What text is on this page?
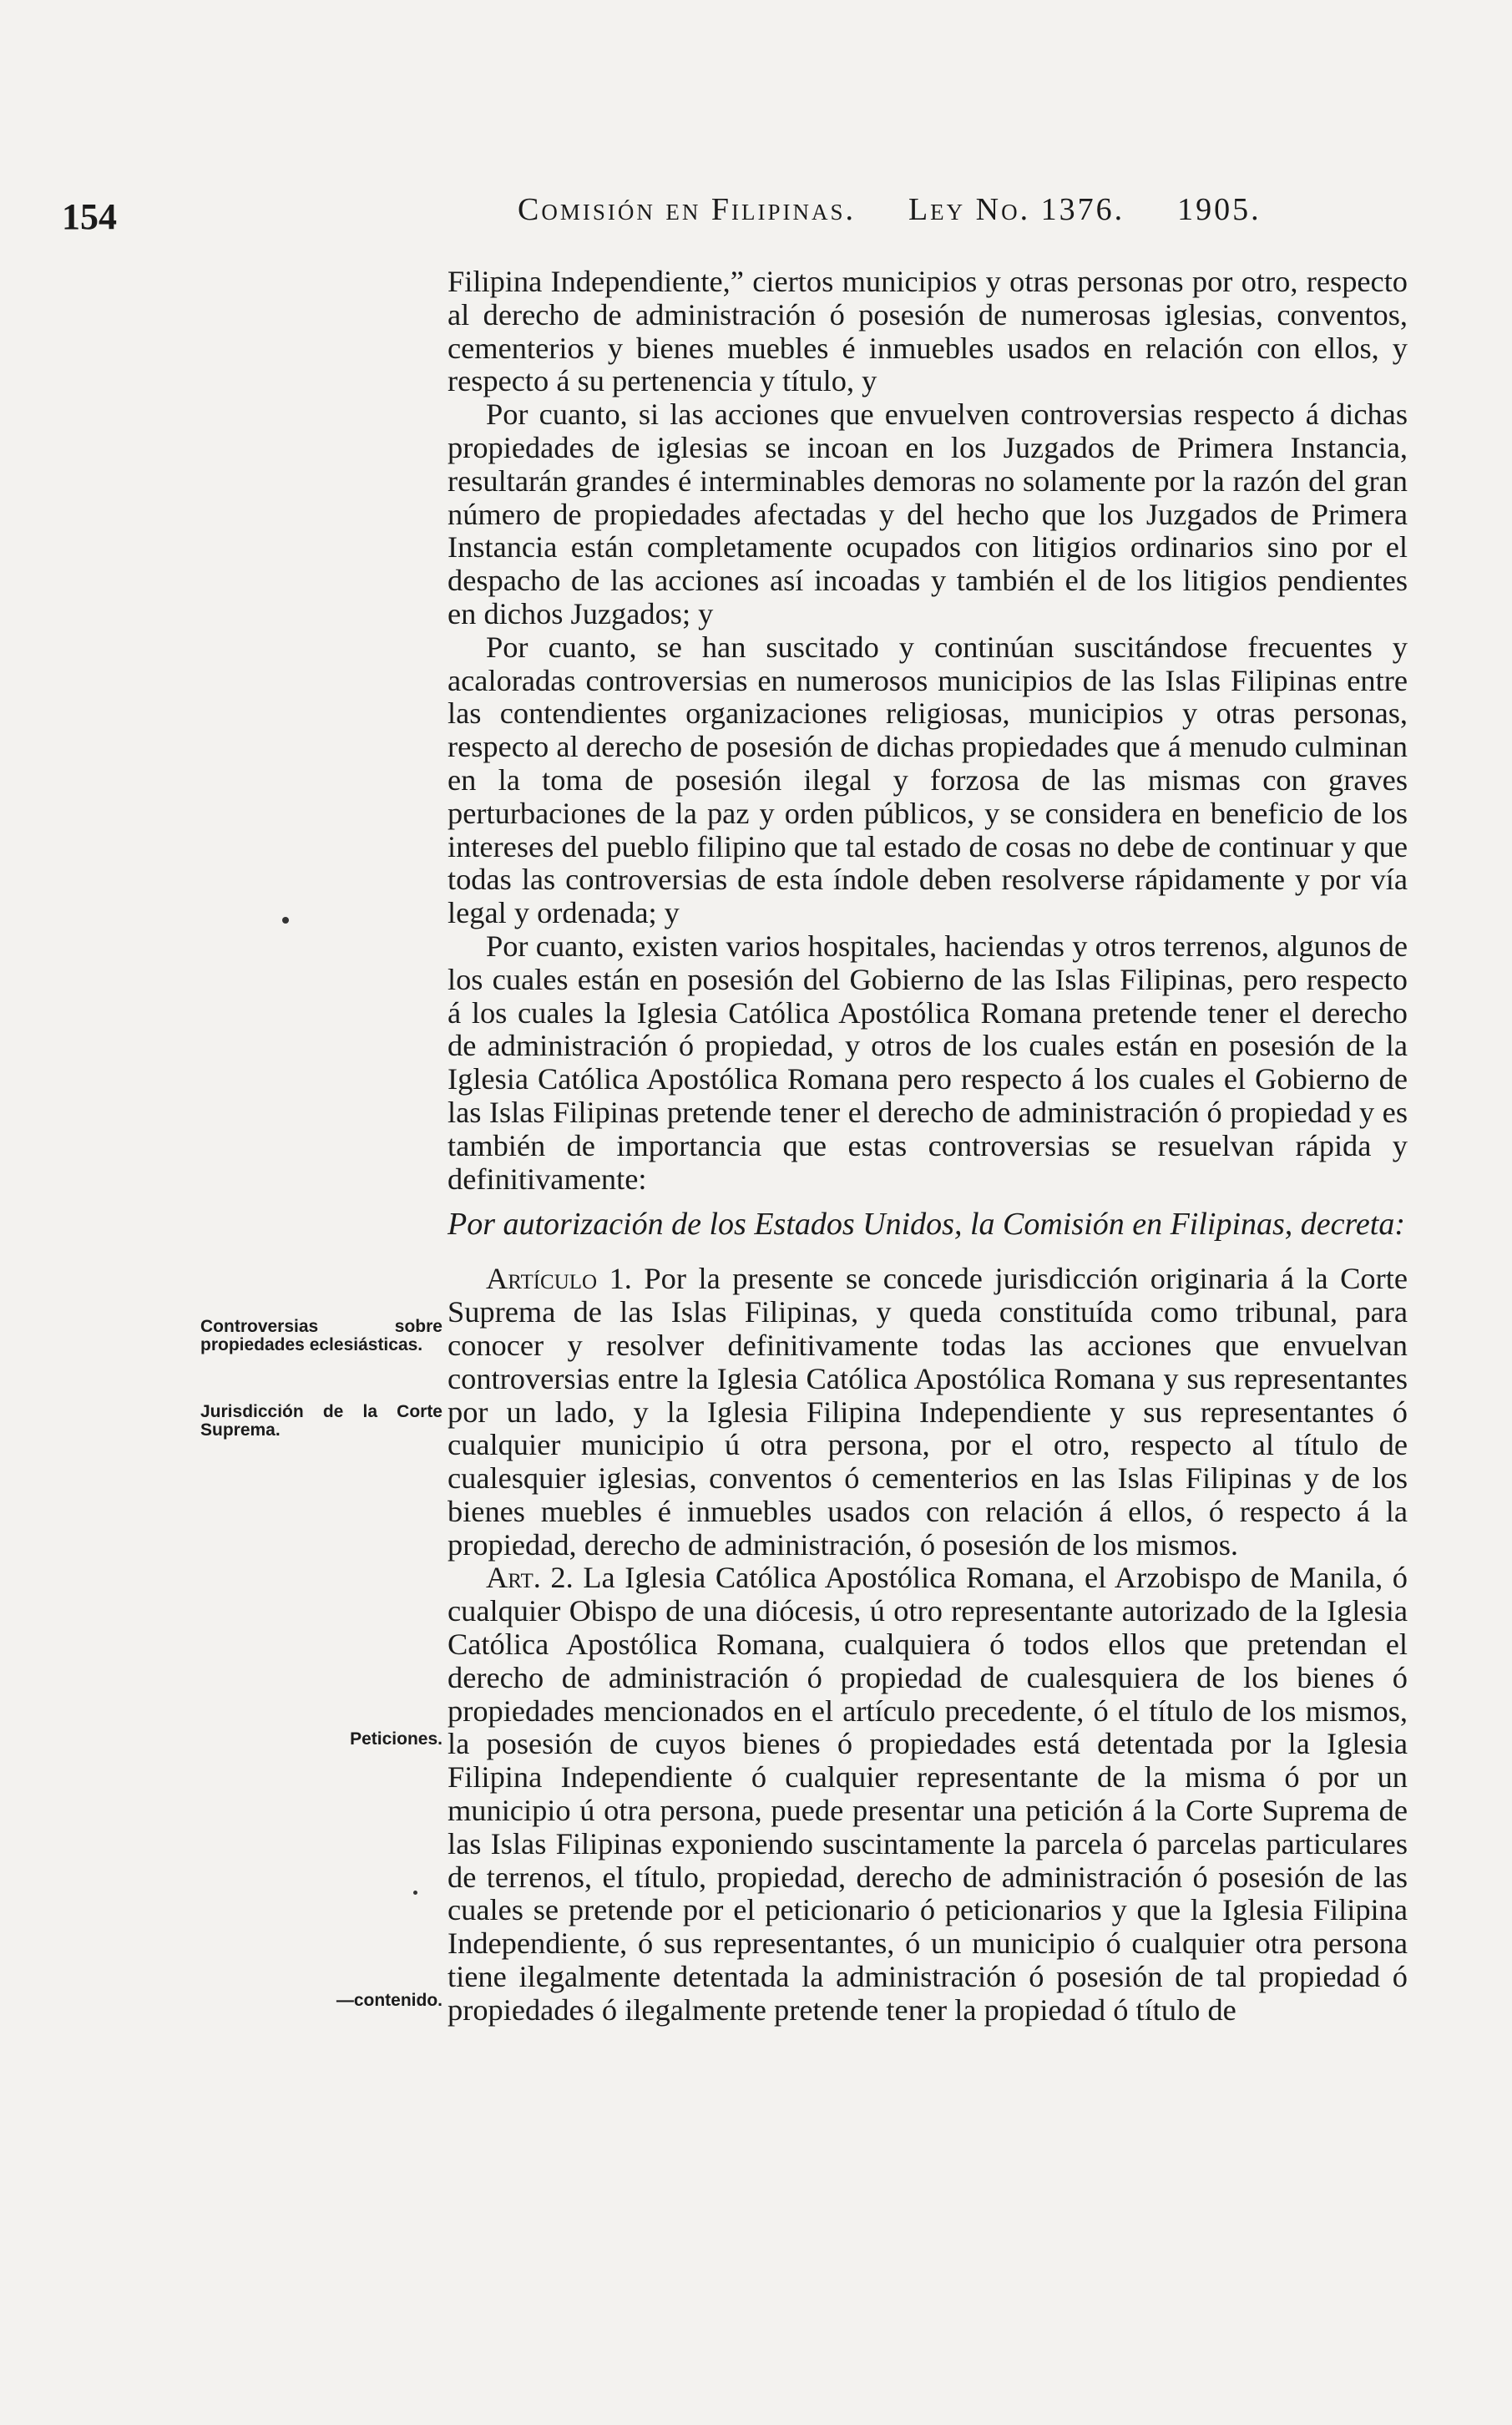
154	Comisión en Filipinas. Ley No. 1376. 1905.
Controversias sobre propiedades eclesiásticas.
Jurisdicción de la Corte Suprema.
Peticiones.
—contenido.

Filipina Independiente,” ciertos municipios y otras personas por otro, respecto al derecho de administración ó posesión de numerosas iglesias, conventos, cementerios y bienes muebles é inmuebles usados en relación con ellos, y respecto á su pertenencia y título, y

Por cuanto, si las acciones que envuelven controversias respecto á dichas propiedades de iglesias se incoan en los Juzgados de Primera Instancia, resultarán grandes é interminables demoras no solamente por la razón del gran número de propiedades afectadas y del hecho que los Juzgados de Primera Instancia están completamente ocupados con litigios ordinarios sino por el despacho de las acciones así incoadas y también el de los litigios pendientes en dichos Juzgados; y

Por cuanto, se han suscitado y continúan suscitándose frecuentes y acaloradas controversias en numerosos municipios de las Islas Filipinas entre las contendientes organizaciones religiosas, municipios y otras personas, respecto al derecho de posesión de dichas propiedades que á menudo culminan en la toma de posesión ilegal y forzosa de las mismas con graves perturbaciones de la paz y orden públicos, y se considera en beneficio de los intereses del pueblo filipino que tal estado de cosas no debe de continuar y que todas las controversias de esta índole deben resolverse rápidamente y por vía legal y ordenada; y

Por cuanto, existen varios hospitales, haciendas y otros terrenos, algunos de los cuales están en posesión del Gobierno de las Islas Filipinas, pero respecto á los cuales la Iglesia Católica Apostólica Romana pretende tener el derecho de administración ó propiedad, y otros de los cuales están en posesión de la Iglesia Católica Apostólica Romana pero respecto á los cuales el Gobierno de las Islas Filipinas pretende tener el derecho de administración ó propiedad y es también de importancia que estas controversias se resuelvan rápida y definitivamente:

Por autorización de los Estados Unidos, la Comisión en Filipinas, decreta:

Artículo 1. Por la presente se concede jurisdicción originaria á la Corte Suprema de las Islas Filipinas, y queda constituída como tribunal, para conocer y resolver definitivamente todas las acciones que envuelvan controversias entre la Iglesia Católica Apostólica Romana y sus representantes por un lado, y la Iglesia Filipina Independiente y sus representantes ó cualquier municipio ú otra persona, por el otro, respecto al título de cualesquier iglesias, conventos ó cementerios en las Islas Filipinas y de los bienes muebles é inmuebles usados con relación á ellos, ó respecto á la propiedad, derecho de administración, ó posesión de los mismos.

Art. 2. La Iglesia Católica Apostólica Romana, el Arzobispo de Manila, ó cualquier Obispo de una diócesis, ú otro representante autorizado de la Iglesia Católica Apostólica Romana, cualquiera ó todos ellos que pretendan el derecho de administración ó propiedad de cualesquiera de los bienes ó propiedades mencionados en el artículo precedente, ó el título de los mismos, la posesión de cuyos bienes ó propiedades está detentada por la Iglesia Filipina Independiente ó cualquier representante de la misma ó por un municipio ú otra persona, puede presentar una petición á la Corte Suprema de las Islas Filipinas exponiendo suscintamente la parcela ó parcelas particulares de terrenos, el título, propiedad, derecho de administración ó posesión de las cuales se pretende por el peticionario ó peticionarios y que la Iglesia Filipina Independiente, ó sus representantes, ó un municipio ó cualquier otra persona tiene ilegalmente detentada la administración ó posesión de tal propiedad ó propiedades ó ilegalmente pretende tener la propiedad ó título de
